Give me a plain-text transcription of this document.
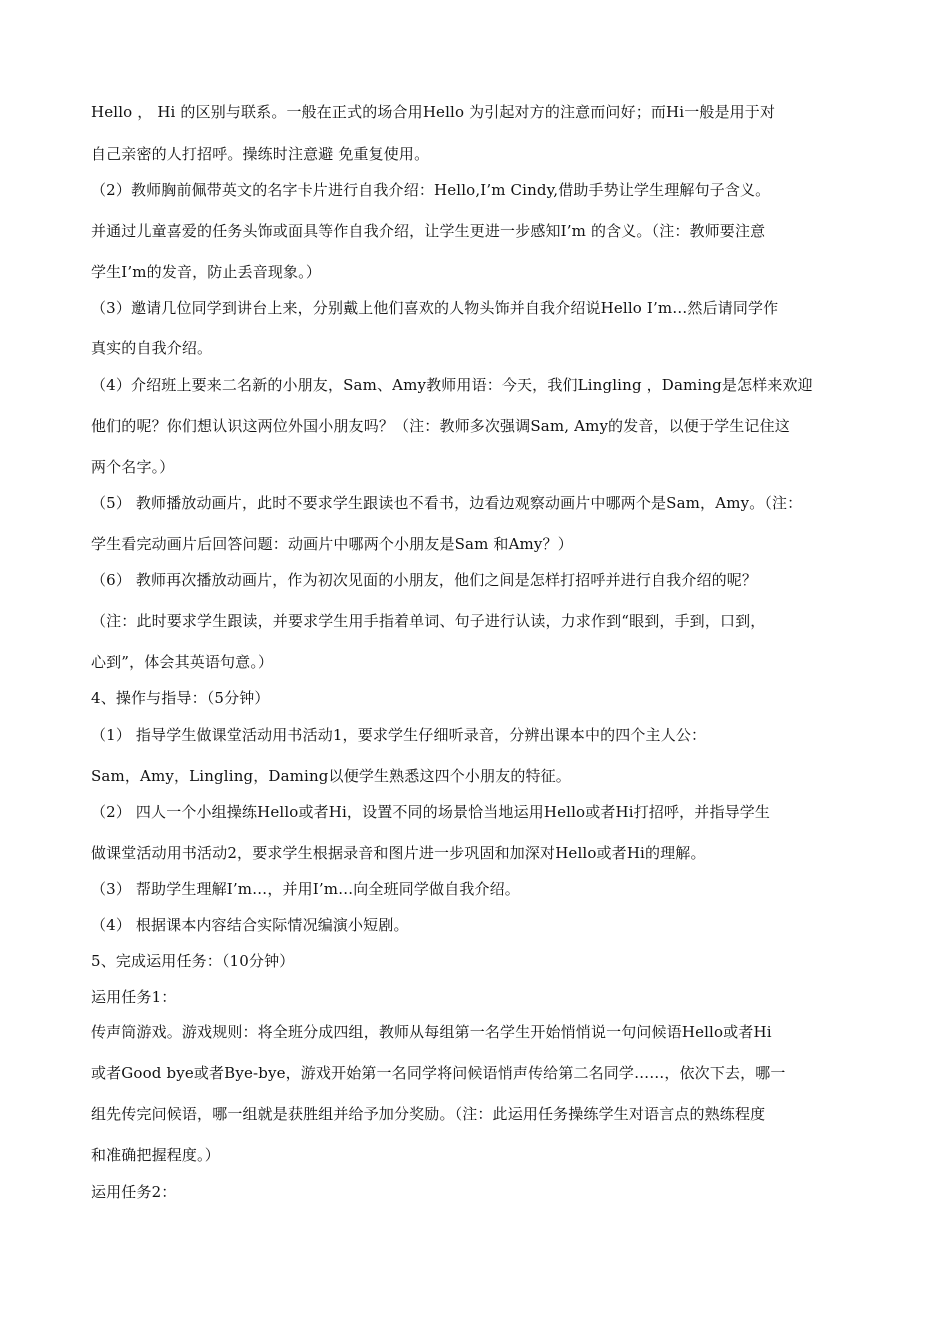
Hello ， Hi 的区别与联系。一般在正式的场合用Hello 为引起对方的注意而问好；而Hi一般是用于对
自己亲密的人打招呼。操练时注意避 免重复使用。
（2）教师胸前佩带英文的名字卡片进行自我介绍：Hello,I’m Cindy,借助手势让学生理解句子含义。
并通过儿童喜爱的任务头饰或面具等作自我介绍，让学生更进一步感知I’m 的含义。（注：教师要注意
学生I’m的发音，防止丢音现象。）
（3）邀请几位同学到讲台上来，分别戴上他们喜欢的人物头饰并自我介绍说Hello I’m…然后请同学作
真实的自我介绍。
（4）介绍班上要来二名新的小朋友，Sam、Amy教师用语：今天，我们Lingling ，Daming是怎样来欢迎
他们的呢？你们想认识这两位外国小朋友吗？（注：教师多次强调Sam, Amy的发音，以便于学生记住这
两个名字。）
（5） 教师播放动画片，此时不要求学生跟读也不看书，边看边观察动画片中哪两个是Sam，Amy。（注：
学生看完动画片后回答问题：动画片中哪两个小朋友是Sam 和Amy？）
（6） 教师再次播放动画片，作为初次见面的小朋友，他们之间是怎样打招呼并进行自我介绍的呢？
（注：此时要求学生跟读，并要求学生用手指着单词、句子进行认读，力求作到“眼到，手到，口到，
心到”，体会其英语句意。）
4、操作与指导：（5分钟）
（1） 指导学生做课堂活动用书活动1，要求学生仔细听录音，分辨出课本中的四个主人公：
Sam，Amy，Lingling，Daming以便学生熟悉这四个小朋友的特征。
（2） 四人一个小组操练Hello或者Hi，设置不同的场景恰当地运用Hello或者Hi打招呼，并指导学生
做课堂活动用书活动2，要求学生根据录音和图片进一步巩固和加深对Hello或者Hi的理解。
（3） 帮助学生理解I’m…，并用I’m…向全班同学做自我介绍。
（4） 根据课本内容结合实际情况编演小短剧。
5、完成运用任务：（10分钟）
运用任务1：
传声筒游戏。游戏规则：将全班分成四组，教师从每组第一名学生开始悄悄说一句问候语Hello或者Hi
或者Good bye或者Bye-bye，游戏开始第一名同学将问候语悄声传给第二名同学……，依次下去，哪一
组先传完问候语，哪一组就是获胜组并给予加分奖励。（注：此运用任务操练学生对语言点的熟练程度
和准确把握程度。）
运用任务2：
